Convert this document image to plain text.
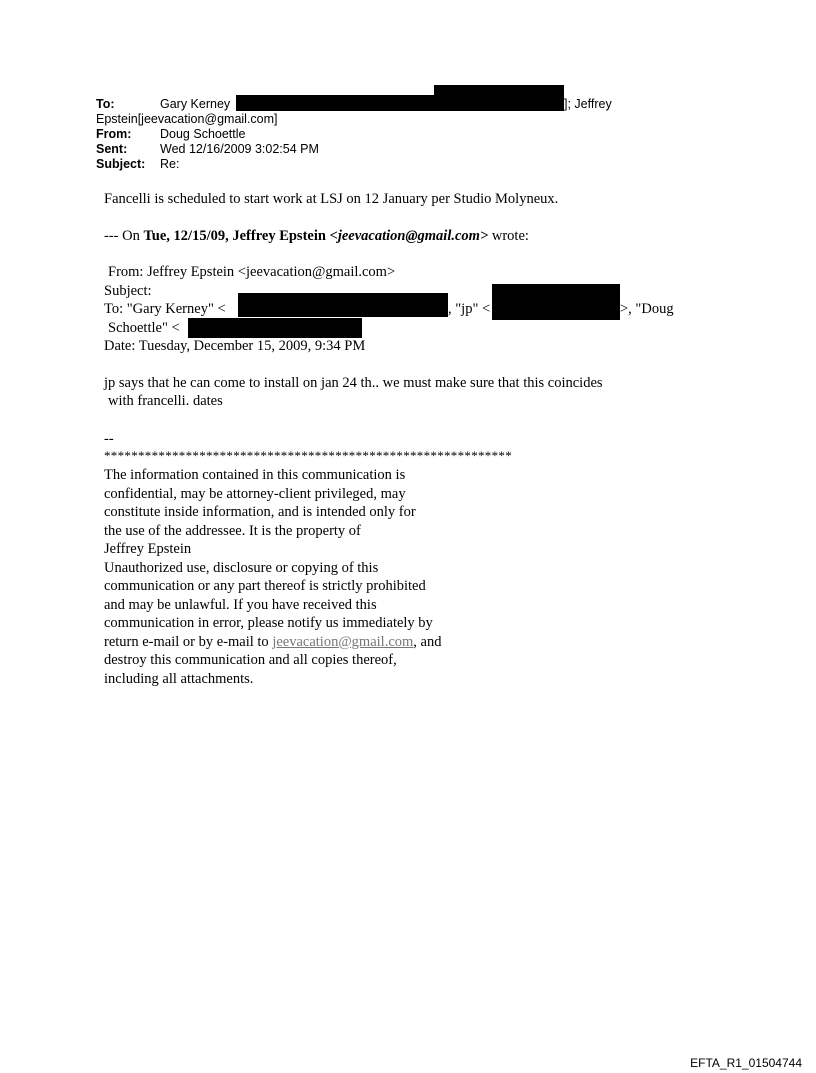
To:	Gary Kerney	]; Jeffrey
Epstein[jeevacation@gmail.com]
From: Doug Schoettle
Sent:	Wed 12/16/2009 3:02:54 PM
Subject: Re:
Fancelli is scheduled to start work at LSJ on 12 January per Studio Molyneux.
--- On Tue, 12/15/09, Jeffrey Epstein <jeevacation@gmail.com> wrote:
From: Jeffrey Epstein <jeevacation@gmail.com>
Subject:
To: "Gary Kerney" <	, "jp" <	>, "Doug
Schoettle" <
Date: Tuesday, December 15, 2009, 9:34 PM
jp says that he can come to install on jan 24 th.. we must make sure that this coincides
with francelli. dates
--
************************************************************
The information contained in this communication is
confidential, may be attorney-client privileged, may
constitute inside information, and is intended only for
the use of the addressee. It is the property of
Jeffrey Epstein
Unauthorized use, disclosure or copying of this
communication or any part thereof is strictly prohibited
and may be unlawful. If you have received this
communication in error, please notify us immediately by
return e-mail or by e-mail to jeevacation@gmail.com, and
destroy this communication and all copies thereof,
including all attachments.
EFTA_R1_01504744
